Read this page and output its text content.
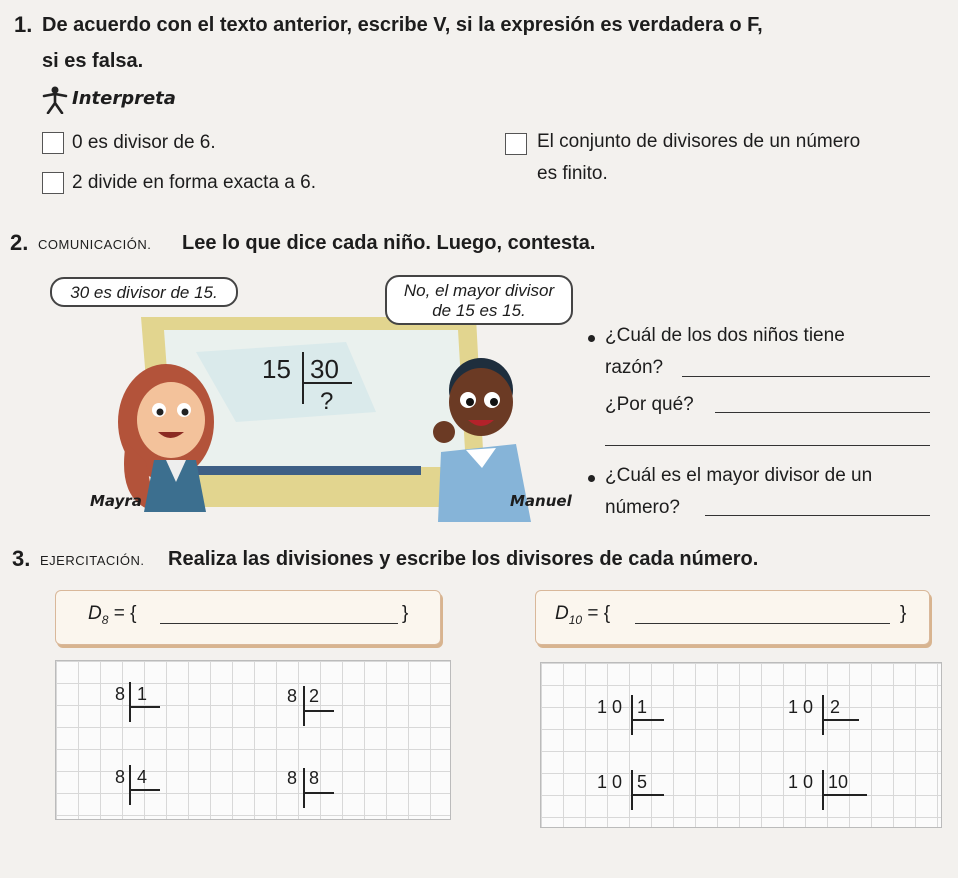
1. De acuerdo con el texto anterior, escribe V, si la expresión es verdadera o F,
si es falsa.
Interpreta
0 es divisor de 6.
2 divide en forma exacta a 6.
El conjunto de divisores de un número
es finito.
2. COMUNICACIÓN. Lee lo que dice cada niño. Luego, contesta.
15 30
?
30 es divisor de 15.	No, el mayor divisor
de 15 es 15.
Mayra	Manuel
¿Cuál de los dos niños tiene
razón?
¿Por qué?
¿Cuál es el mayor divisor de un
número?
3. EJERCITACIÓN. Realiza las divisiones y escribe los divisores de cada número.
$D_8$ = {	}	$D_{10}$ = {	}
8 1	8 2
8 4	8 8
1 0 1	1 0 2
1 0 5	1 0 10
